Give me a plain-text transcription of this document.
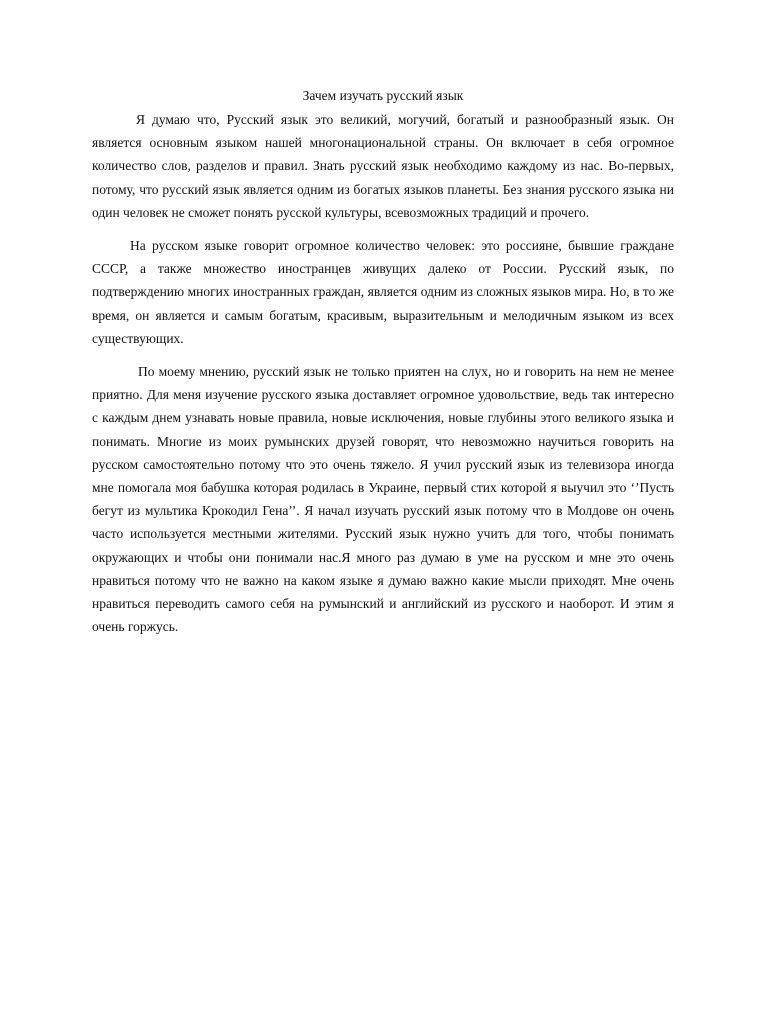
Зачем изучать русский язык

Я думаю что, Русский язык это великий, могучий, богатый и разнообразный язык. Он является основным языком нашей многонациональной страны. Он включает в себя огромное количество слов, разделов и правил. Знать русский язык необходимо каждому из нас. Во-первых, потому, что русский язык является одним из богатых языков планеты. Без знания русского языка ни один человек не сможет понять русской культуры, всевозможных традиций и прочего.

На русском языке говорит огромное количество человек: это россияне, бывшие граждане СССР, а также множество иностранцев живущих далеко от России. Русский язык, по подтверждению многих иностранных граждан, является одним из сложных языков мира. Но, в то же время, он является и самым богатым, красивым, выразительным и мелодичным языком из всех существующих.

По моему мнению, русский язык не только приятен на слух, но и говорить на нем не менее приятно. Для меня изучение русского языка доставляет огромное удовольствие, ведь так интересно с каждым днем узнавать новые правила, новые исключения, новые глубины этого великого языка и понимать. Многие из моих румынских друзей говорят, что невозможно научиться говорить на русском самостоятельно потому что это очень тяжело. Я учил русский язык из телевизора иногда мне помогала моя бабушка которая родилась в Украине, первый стих которой я выучил это ‘’Пусть бегут из мультика Крокодил Гена’’. Я начал изучать русский язык потому что в Молдове он очень часто используется местными жителями. Русский язык нужно учить для того, чтобы понимать окружающих и чтобы они понимали нас.Я много раз думаю в уме на русском и мне это очень нравиться потому что не важно на каком языке я думаю важно какие мысли приходят. Мне очень нравиться переводить самого себя на румынский и английский из русского и наоборот. И этим я очень горжусь.
